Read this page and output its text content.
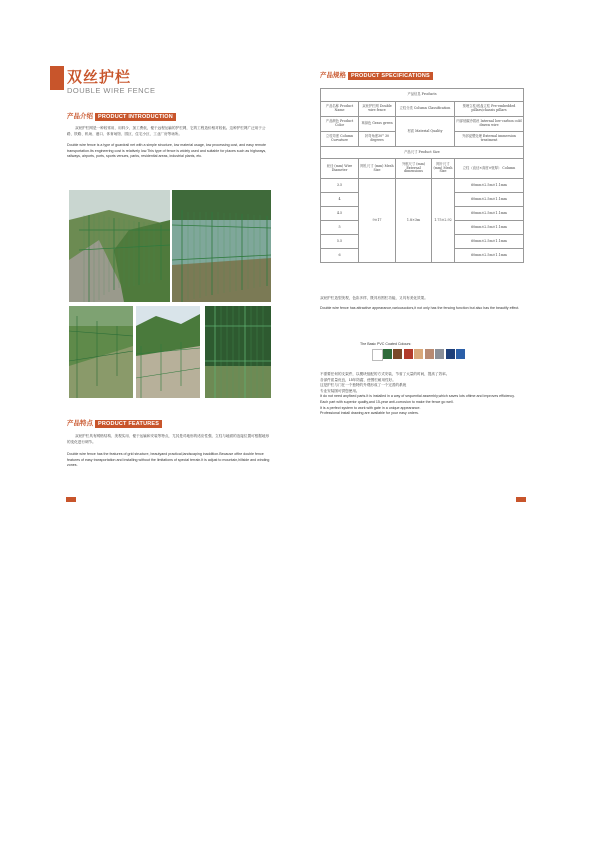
双丝护栏
DOUBLE WIRE FENCE
产品介绍 PRODUCT INTRODUCTION
双丝护栏网是一种较常用，用料少，加工费低，便于远程运输的护栏网，它的工程造价相对较低。这种护栏网广泛用于公路、铁路、机场、港口、体育场馆、园区、住宅小区、工业厂房等场所。
Double wire fence is a type of guardrail net with a simple structure, low material usage, low processing cost, and easy remote transportation.Its engineering cost is relatively low.This type of fence is widely used and suitable for places such as highways, railways, airports, ports, sports venues, parks, residential areas, industrial plants, etc.
产品特点 PRODUCT FEATURES
双丝护栏具有网格结构、美观实用、便于运输和安装等特点，尤其是对地形的适应性强，立柱与地面的连接位置可根据地形的变化进行调节。
Double wire fence has the features of grid structure, beautyand practical,landscaping inaddition.Because ofthe double fence features of easy transportation and installing without the limitations of special terrain.It is adjust to mountain,hillside and winding zones.
产品规格 PRODUCT SPECIFICATIONS
产品信息 Products				
产品名称 Product Name	双丝护栏网 Double wire fence	立柱分类 Column Classification		预埋立柱/底盘立柱 Pre-embedded pillars/chassis pillars
产品颜色 Product Color	草绿色 Grass green	材质 Material Quality		内部低碳冷拔丝 Internal low-carbon cold drawn wire
立柱弯度 Column Curvature	折弯角度30° 30 degrees			外部浸塑处理 External immersion treatment
产品尺寸 Product Size				
丝径 (mm) Wire Diameter	网孔尺寸 (mm) Mesh Size	外框尺寸 (mm) External dimensions	网片尺寸 (mm) Mesh Size	立柱（直径×高度×壁厚） Column
3.5	9×17	1.8×3m	1.75×2.92	60mm×2.5m×1.1mm
4				60mm×2.5m×1.1mm
4.5				60mm×2.5m×1.1mm
5				60mm×2.5m×1.1mm
5.5				60mm×2.5m×1.1mm
6				60mm×2.5m×1.1mm
双丝护栏造型美观，色彩多样，既具有围栏功能，又具有美化效果。
Double wire fence has attractive appearance,variouscolors,it not only has the fencing function but also has the beautify effect.
The Basic PVC Coated Colours:
不需要任何的支架件，以模块组配的方式安装，节省了大量的时间，提高了效率。
各部件质量优良，15年防腐，使围栏耐用性好。
这是护栏与门在一个独特的外观形成了一个完善的系统
专业安装图可供您使用。
It do not need anyfixed parts.It is installed in a way of sequential assembly,which saves lots oftime and improves efficiency.
Each part with superior quality,and 15-year anti-corrosion to make the fence go well.
It is a perfect system to work with gate in a unique appearance.
Professional install drawing are available for your easy orders.
